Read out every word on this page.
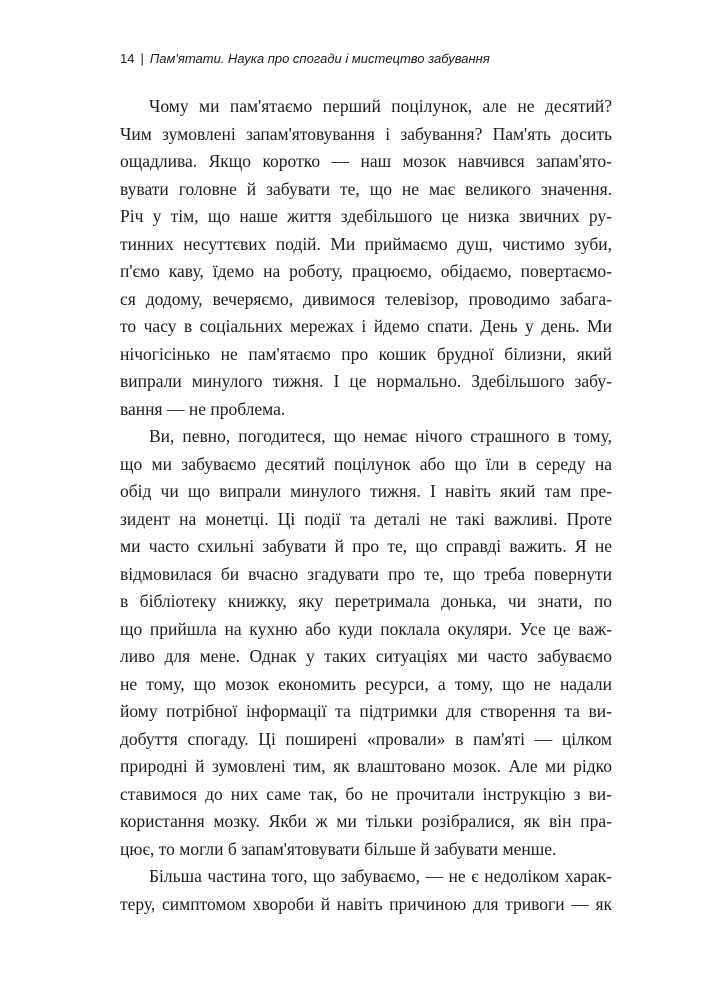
14 | Пам'ятати. Наука про спогади і мистецтво забування
Чому ми пам'ятаємо перший поцілунок, але не десятий?
Чим зумовлені запам'ятовування і забування? Пам'ять досить
ощадлива. Якщо коротко — наш мозок навчився запам'ято-
вувати головне й забувати те, що не має великого значення.
Річ у тім, що наше життя здебільшого це низка звичних ру-
тинних несуттєвих подій. Ми приймаємо душ, чистимо зуби,
п'ємо каву, їдемо на роботу, працюємо, обідаємо, повертаємо-
ся додому, вечеряємо, дивимося телевізор, проводимо забага-
то часу в соціальних мережах і йдемо спати. День у день. Ми
нічогісінько не пам'ятаємо про кошик брудної білизни, який
випрали минулого тижня. І це нормально. Здебільшого забу-
вання — не проблема.
Ви, певно, погодитеся, що немає нічого страшного в тому,
що ми забуваємо десятий поцілунок або що їли в середу на
обід чи що випрали минулого тижня. І навіть який там пре-
зидент на монетці. Ці події та деталі не такі важливі. Проте
ми часто схильні забувати й про те, що справді важить. Я не
відмовилася би вчасно згадувати про те, що треба повернути
в бібліотеку книжку, яку перетримала донька, чи знати, по
що прийшла на кухню або куди поклала окуляри. Усе це важ-
ливо для мене. Однак у таких ситуаціях ми часто забуваємо
не тому, що мозок економить ресурси, а тому, що не надали
йому потрібної інформації та підтримки для створення та ви-
добуття спогаду. Ці поширені «провали» в пам'яті — цілком
природні й зумовлені тим, як влаштовано мозок. Але ми рідко
ставимося до них саме так, бо не прочитали інструкцію з ви-
користання мозку. Якби ж ми тільки розібралися, як він пра-
цює, то могли б запам'ятовувати більше й забувати менше.
Більша частина того, що забуваємо, — не є недоліком харак-
теру, симптомом хвороби й навіть причиною для тривоги — як
